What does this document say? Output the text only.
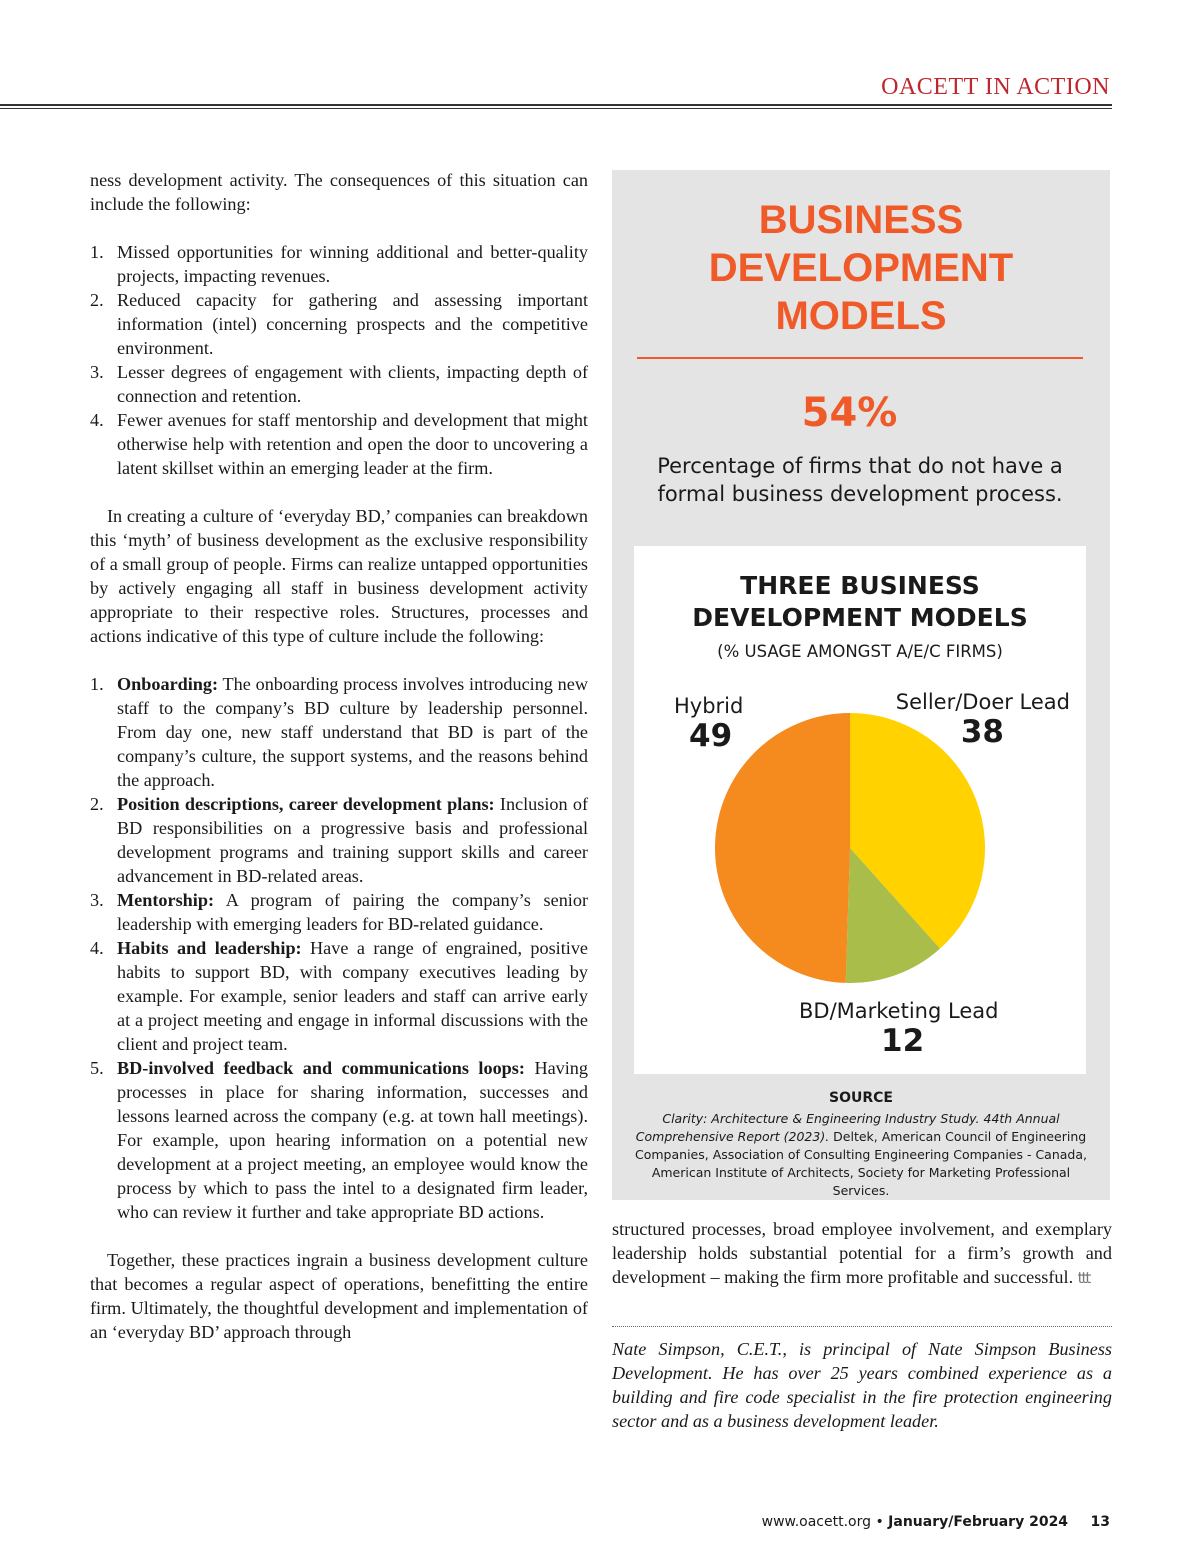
OACETT IN ACTION

ness development activity. The consequences of this situation can include the following:

1. Missed opportunities for winning additional and better-quality projects, impacting revenues.
2. Reduced capacity for gathering and assessing important information (intel) concerning prospects and the competitive environment.
3. Lesser degrees of engagement with clients, impacting depth of connection and retention.
4. Fewer avenues for staff mentorship and development that might otherwise help with retention and open the door to uncovering a latent skillset within an emerging leader at the firm.

In creating a culture of ‘everyday BD,’ companies can breakdown this ‘myth’ of business development as the exclusive responsibility of a small group of people. Firms can realize untapped opportunities by actively engaging all staff in business development activity appropriate to their respective roles. Structures, processes and actions indicative of this type of culture include the following:

1. Onboarding: The onboarding process involves introducing new staff to the company’s BD culture by leadership personnel. From day one, new staff understand that BD is part of the company’s culture, the support systems, and the reasons behind the approach.
2. Position descriptions, career development plans: Inclusion of BD responsibilities on a progressive basis and professional development programs and training support skills and career advancement in BD-related areas.
3. Mentorship: A program of pairing the company’s senior leadership with emerging leaders for BD-related guidance.
4. Habits and leadership: Have a range of engrained, positive habits to support BD, with company executives leading by example. For example, senior leaders and staff can arrive early at a project meeting and engage in informal discussions with the client and project team.
5. BD-involved feedback and communications loops: Having processes in place for sharing information, successes and lessons learned across the company (e.g. at town hall meetings). For example, upon hearing information on a potential new development at a project meeting, an employee would know the process by which to pass the intel to a designated firm leader, who can review it further and take appropriate BD actions.

Together, these practices ingrain a business development culture that becomes a regular aspect of operations, benefitting the entire firm. Ultimately, the thoughtful development and implementation of an ‘everyday BD’ approach through

BUSINESS
DEVELOPMENT
MODELS
54%
Percentage of firms that do not have a
formal business development process.
THREE BUSINESS
DEVELOPMENT MODELS
(% USAGE AMONGST A/E/C FIRMS)
Hybrid
49
Seller/Doer Lead
38
BD/Marketing Lead
12
SOURCE
Clarity: Architecture & Engineering Industry Study. 44th Annual Comprehensive Report (2023). Deltek, American Council of Engineering Companies, Association of Consulting Engineering Companies - Canada, American Institute of Architects, Society for Marketing Professional Services.

structured processes, broad employee involvement, and exemplary leadership holds substantial potential for a firm’s growth and development – making the firm more profitable and successful. ttt

Nate Simpson, C.E.T., is principal of Nate Simpson Business Development. He has over 25 years combined experience as a building and fire code specialist in the fire protection engineering sector and as a business development leader.
www.oacett.org • January/February 2024 13
